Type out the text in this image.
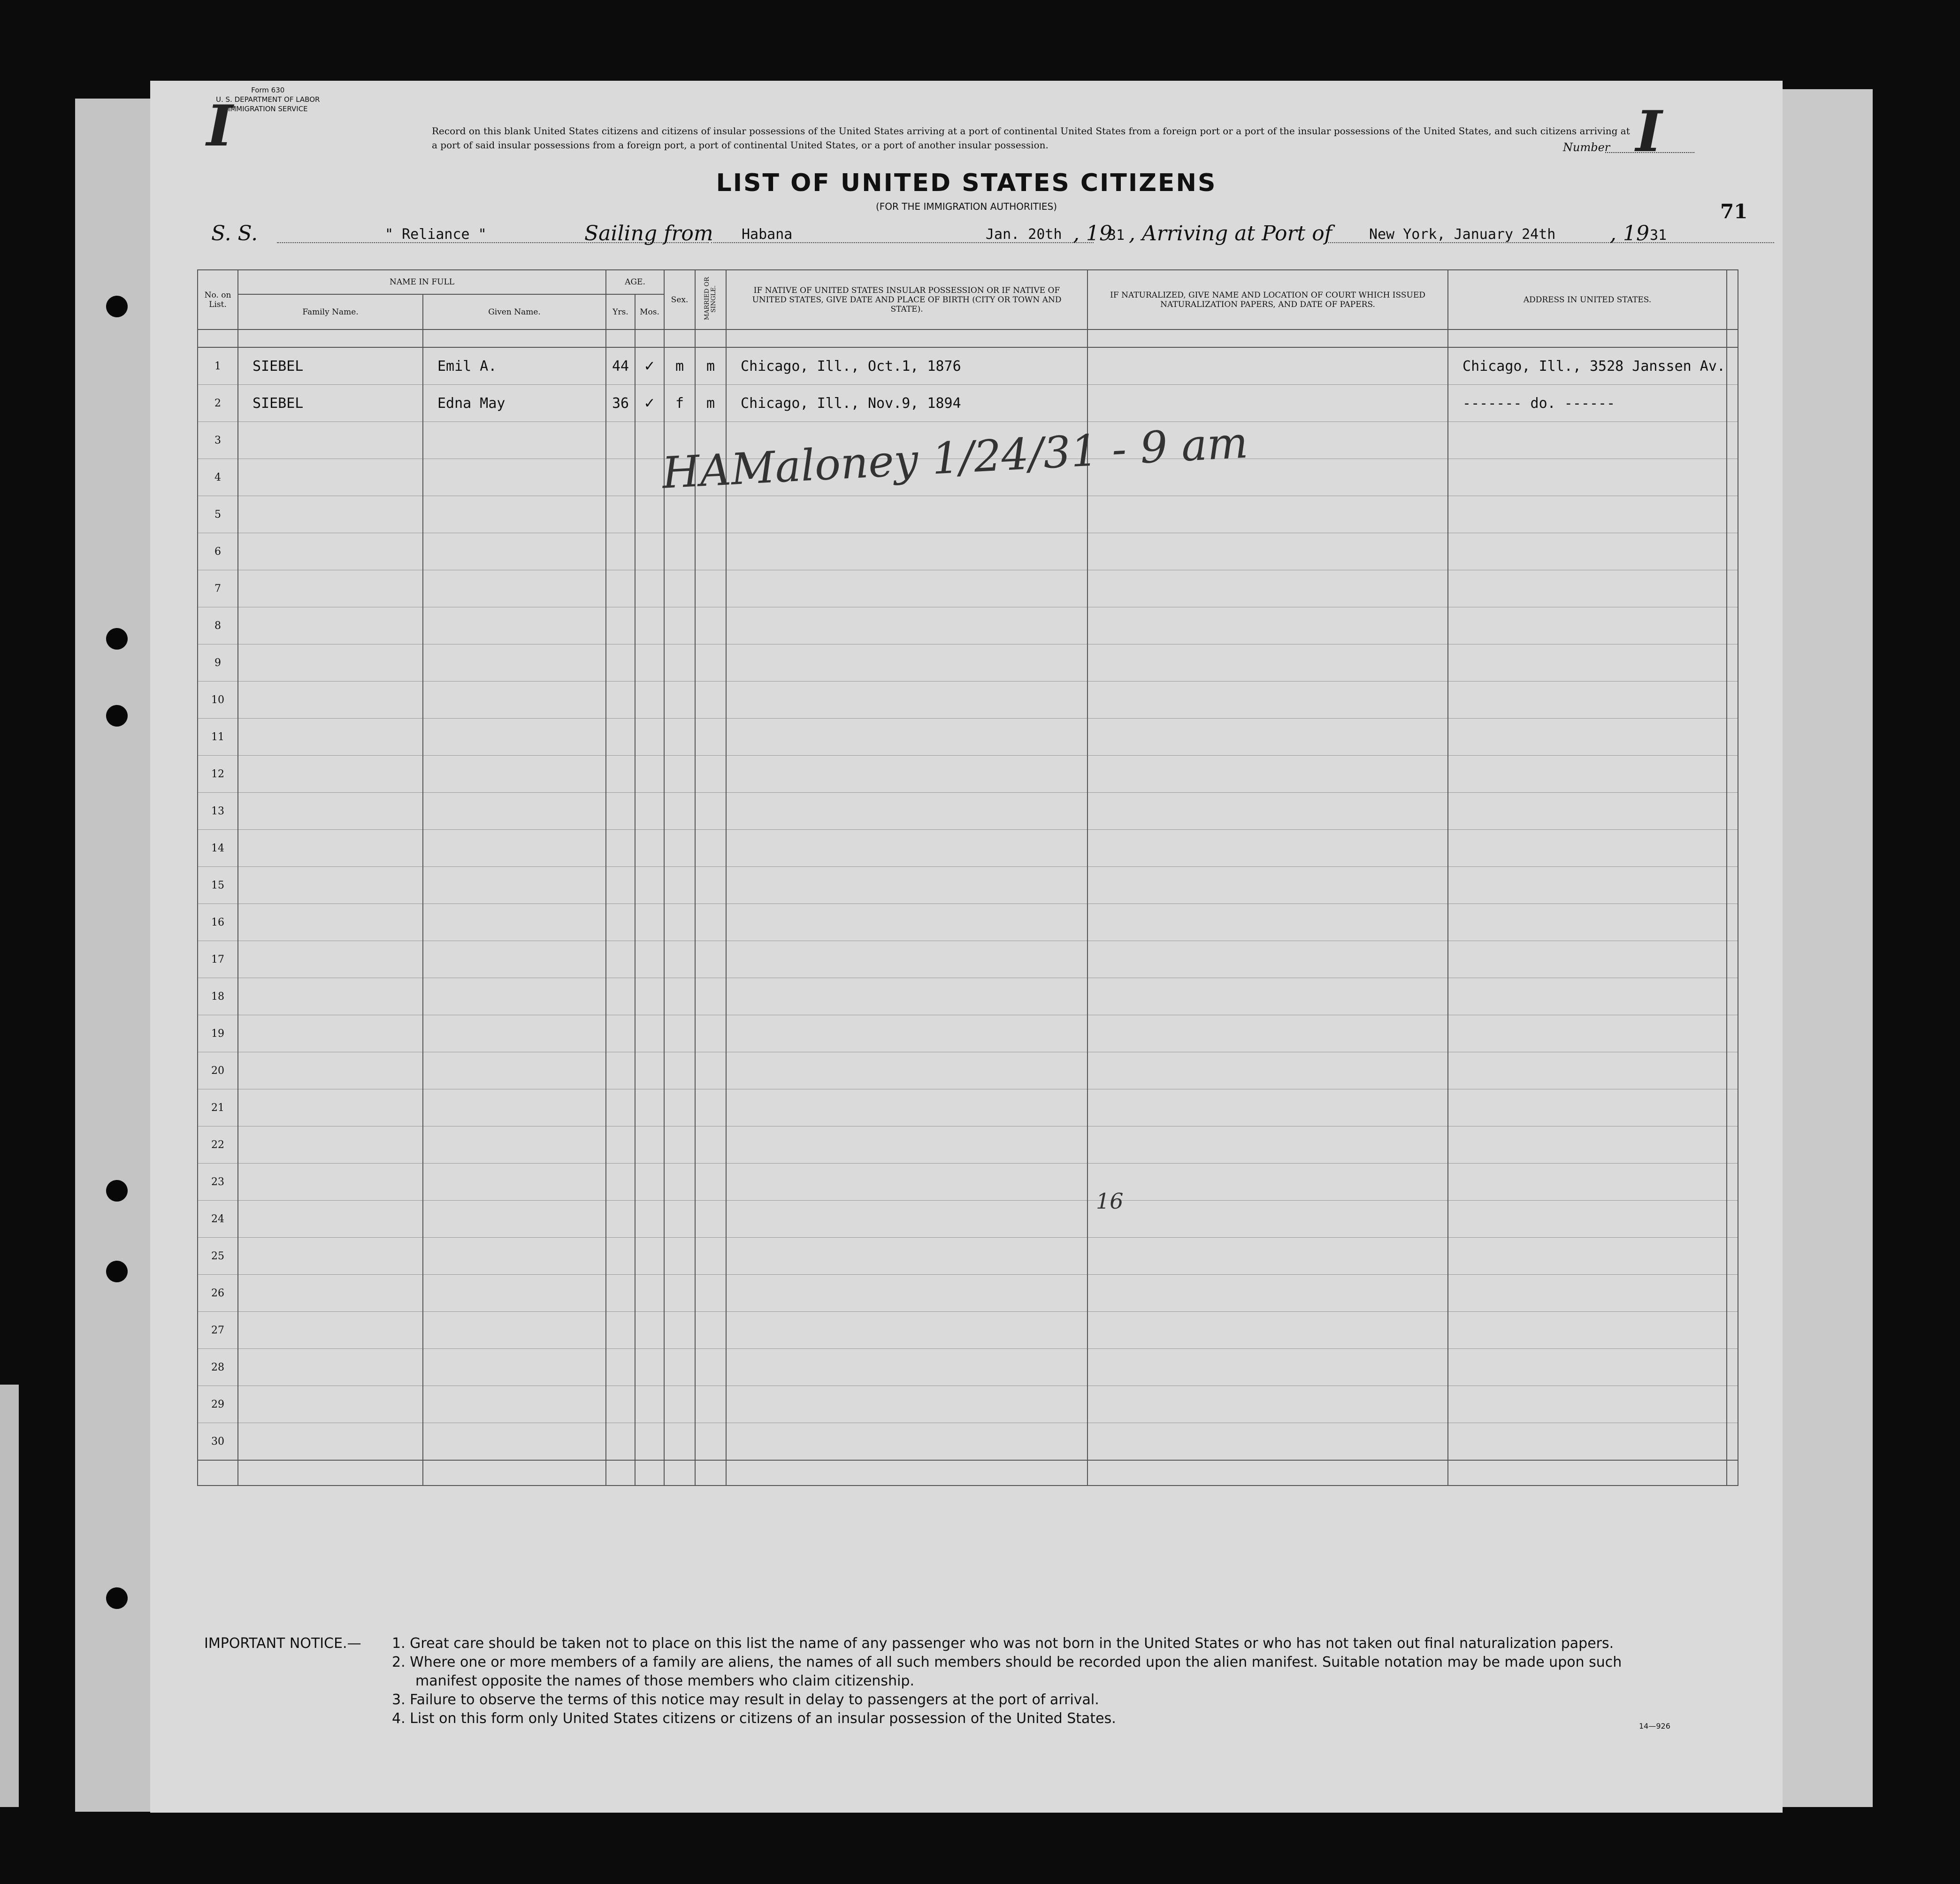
I
Form 630
U. S. DEPARTMENT OF LABOR
IMMIGRATION SERVICE
Record on this blank United States citizens and citizens of insular possessions of the United States arriving at a port of continental United States from a foreign port or a port of the insular possessions of the United States, and such citizens arriving at a port of said insular possessions from a foreign port, a port of continental United States, or a port of another insular possession.	Number I
LIST OF UNITED STATES CITIZENS
(FOR THE IMMIGRATION AUTHORITIES)	71
S. S.	" Reliance "	Sailing from Habana	Jan. 20th , 19
31 , Arriving at Port of	New York, January 24th	, 19 31
No. on List.	NAME IN FULL		AGE.		Sex.	MARRIED OR SINGLE.	IF NATIVE OF UNITED STATES INSULAR POSSESSION OR IF NATIVE OF UNITED STATES, GIVE DATE AND PLACE OF BIRTH (CITY OR TOWN AND STATE).	IF NATURALIZED, GIVE NAME AND LOCATION OF COURT WHICH ISSUED NATURALIZATION PAPERS, AND DATE OF PAPERS.	ADDRESS IN UNITED STATES.	
	Family Name.	Given Name.	Yrs.	Mos.						

1	SIEBEL	Emil A.	44	✓	m	m	Chicago, Ill., Oct.1, 1876		Chicago, Ill., 3528 Janssen Av.	
2	SIEBEL	Edna May	36	✓	f	m	Chicago, Ill., Nov.9, 1894		------- do. ------	
3										
4										
5										
6										
7										
8										
9										
10										
11										
12										
13										
14										
15										
16										
17										
18										
19										
20										
21										
22										
23										
24										
25										
26										
27										
28										
29										
30										

HAMaloney 1/24/31 - 9 am
16
IMPORTANT NOTICE.— 1. Great care should be taken not to place on this list the name of any passenger who was not born in the United States or who has not taken out final naturalization papers.
2. Where one or more members of a family are aliens, the names of all such members should be recorded upon the alien manifest. Suitable notation may be made upon such
manifest opposite the names of those members who claim citizenship.
3. Failure to observe the terms of this notice may result in delay to passengers at the port of arrival.
4. List on this form only United States citizens or citizens of an insular possession of the United States.	14—926
